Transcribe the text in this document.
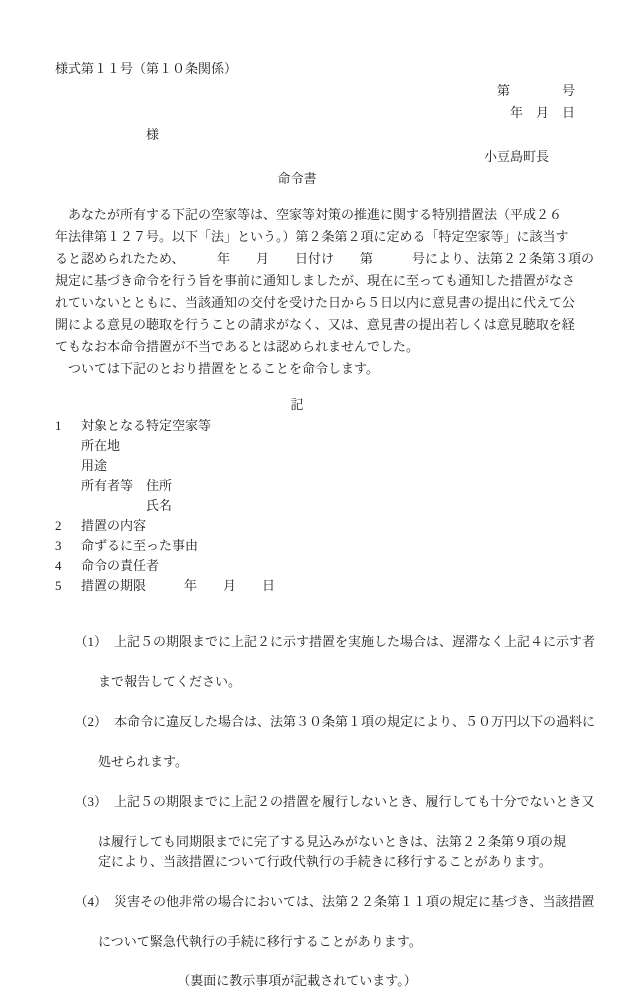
様式第１１号（第１０条関係）
第　　　　号
年　月　日
　　　　　　　様
小豆島町長　　
命令書
　あなたが所有する下記の空家等は、空家等対策の推進に関する特別措置法（平成２６
年法律第１２７号。以下「法」という。）第２条第２項に定める「特定空家等」に該当す
ると認められたため、　　　年　　月　　日付け　　第　　　号により、法第２２条第３項の
規定に基づき命令を行う旨を事前に通知しましたが、現在に至っても通知した措置がなさ
れていないとともに、当該通知の交付を受けた日から５日以内に意見書の提出に代えて公
開による意見の聴取を行うことの請求がなく、又は、意見書の提出若しくは意見聴取を経
てもなお本命令措置が不当であるとは認められませんでした。
　ついては下記のとおり措置をとることを命令します。
記
1	対象となる特定空家等
所在地
用途
所有者等　住所
氏名
2	措置の内容
3	命ずるに至った事由
4	命令の責任者
5	措置の期限	年　　月　　日

（1） 上記５の期限までに上記２に示す措置を実施した場合は、遅滞なく上記４に示す者

まで報告してください。

（2） 本命令に違反した場合は、法第３０条第１項の規定により、５０万円以下の過料に

処せられます。

（3） 上記５の期限までに上記２の措置を履行しないとき、履行しても十分でないとき又

は履行しても同期限までに完了する見込みがないときは、法第２２条第９項の規
定により、当該措置について行政代執行の手続きに移行することがあります。

（4） 災害その他非常の場合においては、法第２２条第１１項の規定に基づき、当該措置

について緊急代執行の手続に移行することがあります。
（裏面に教示事項が記載されています。）
